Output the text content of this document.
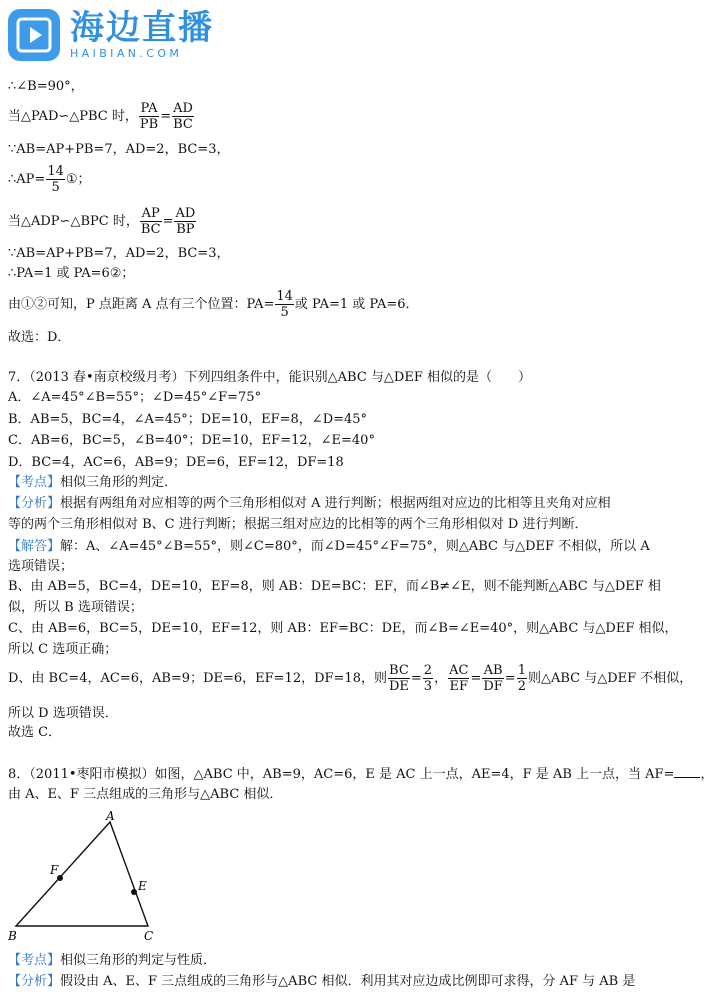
海边直播
HAIBIAN.COM
∴∠B=90°，
当△PAD∽△PBC 时， $\frac{PA}{PB} = \frac{AD}{BC}$
∵AB=AP+PB=7，AD=2，BC=3，
∴AP= $\frac{14}{5}$ ①；
当△ADP∽△BPC 时， $\frac{AP}{BC} = \frac{AD}{BP}$
∵AB=AP+PB=7，AD=2，BC=3，
∴PA=1 或 PA=6②；
由①②可知，P 点距离 A 点有三个位置：$PA= \frac{14}{5}$ 或 PA=1 或 PA=6．
故选：D．
7．（2013 春•南京校级月考）下列四组条件中，能识别△ABC 与△DEF 相似的是（　　）
A．∠A=45°∠B=55°；∠D=45°∠F=75°
B．AB=5，BC=4，∠A=45°；DE=10，EF=8，∠D=45°
C．AB=6，BC=5，∠B=40°；DE=10，EF=12，∠E=40°
D．BC=4，AC=6，AB=9；DE=6，EF=12，DF=18
【考点】相似三角形的判定．
【分析】根据有两组角对应相等的两个三角形相似对 A 进行判断；根据两组对应边的比相等且夹角对应相
等的两个三角形相似对 B、C 进行判断；根据三组对应边的比相等的两个三角形相似对 D 进行判断．
【解答】解：A、∠A=45°∠B=55°，则∠C=80°，而∠D=45°∠F=75°，则△ABC 与△DEF 不相似，所以 A
选项错误；
B、由 AB=5，BC=4，DE=10，EF=8，则 AB：DE=BC：EF，而∠B≠∠E，则不能判断△ABC 与△DEF 相
似，所以 B 选项错误；
C、由 AB=6，BC=5，DE=10，EF=12，则 AB：EF=BC：DE，而∠B=∠E=40°，则△ABC 与△DEF 相似，
所以 C 选项正确；
D、由 BC=4，AC=6，AB=9；DE=6，EF=12，DF=18，则 $\frac{BC}{DE} = \frac{2}{3}$ ， $\frac{AC}{EF} = \frac{AB}{DF} = \frac{1}{2}$ 则△ABC 与△DEF 不相似，
所以 D 选项错误．
故选 C．
8．（2011•枣阳市模拟）如图，△ABC 中，AB=9，AC=6，E 是 AC 上一点，AE=4，F 是 AB 上一点，当 AF= ，
由 A、E、F 三点组成的三角形与△ABC 相似．
A
B	C
E
F
【考点】相似三角形的判定与性质．
【分析】假设由 A、E、F 三点组成的三角形与△ABC 相似．利用其对应边成比例即可求得，分 AF 与 AB 是
